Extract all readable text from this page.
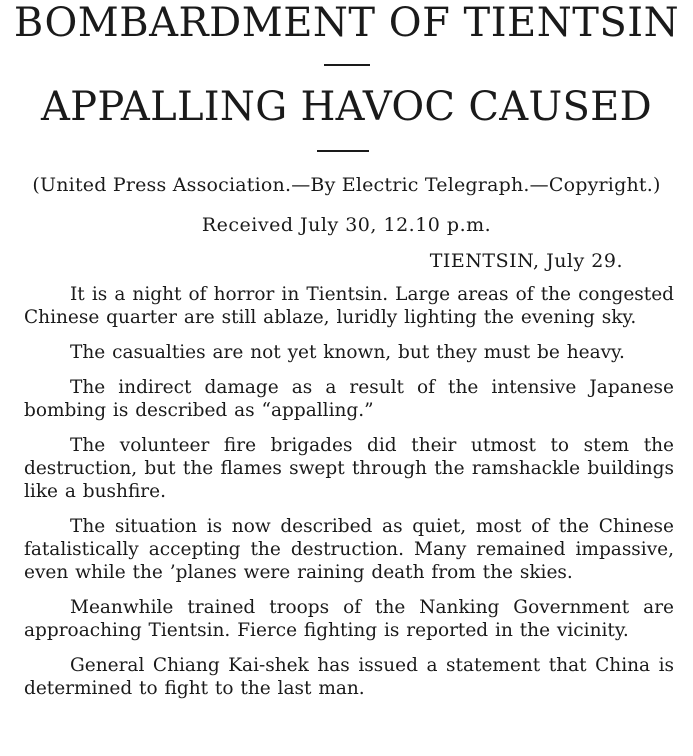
BOMBARDMENT OF TIENTSIN
APPALLING HAVOC CAUSED
(United Press Association.—By Electric Telegraph.—Copyright.)
Received July 30, 12.10 p.m.
TIENTSIN, July 29.

It is a night of horror in Tientsin. Large areas of the congested Chinese quarter are still ablaze, luridly lighting the evening sky.

The casualties are not yet known, but they must be heavy.

The indirect damage as a result of the intensive Japanese bombing is described as “appalling.”

The volunteer fire brigades did their utmost to stem the destruction, but the flames swept through the ramshackle buildings like a bushfire.

The situation is now described as quiet, most of the Chinese fatalistically accepting the destruction. Many remained impassive, even while the ’planes were raining death from the skies.

Meanwhile trained troops of the Nanking Government are approaching Tientsin. Fierce fighting is reported in the vicinity.

General Chiang Kai-shek has issued a statement that China is determined to fight to the last man.
